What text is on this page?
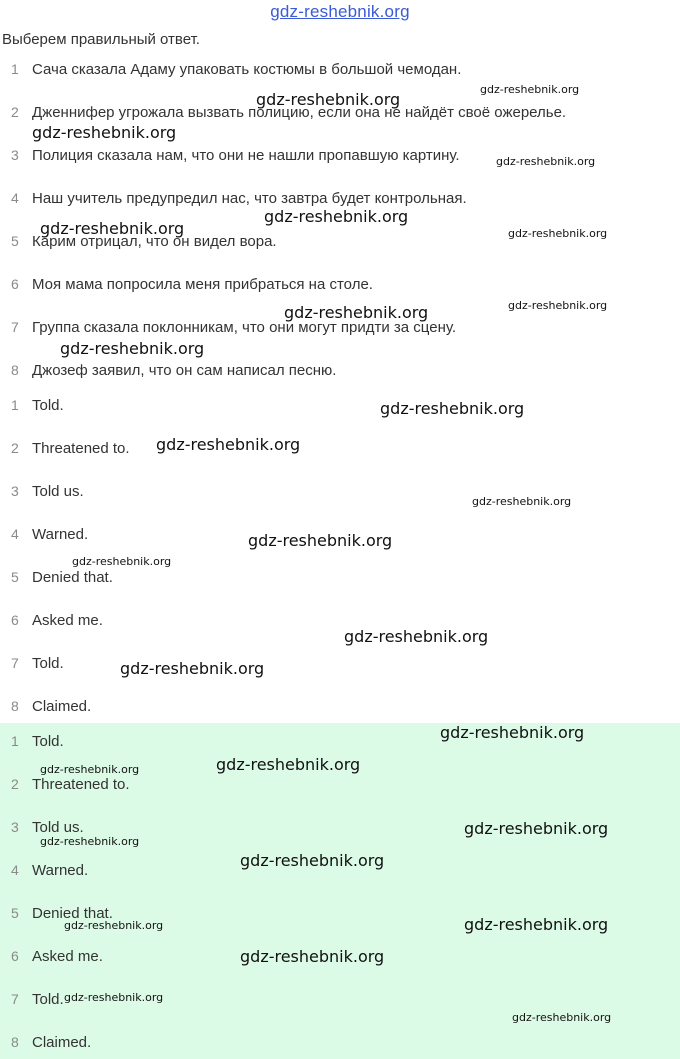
gdz-reshebnik.org
Выберем правильный ответ.
1 Сача сказала Адаму упаковать костюмы в большой чемодан.
2 Дженнифер угрожала вызвать полицию, если она не найдёт своё ожерелье.
3 Полиция сказала нам, что они не нашли пропавшую картину.
4 Наш учитель предупредил нас, что завтра будет контрольная.
5 Карим отрицал, что он видел вора.
6 Моя мама попросила меня прибраться на столе.
7 Группа сказала поклонникам, что они могут придти за сцену.
8 Джозеф заявил, что он сам написал песню.
1 Told.
2 Threatened to.
3 Told us.
4 Warned.
5 Denied that.
6 Asked me.
7 Told.
8 Claimed.
1 Told.
2 Threatened to.
3 Told us.
4 Warned.
5 Denied that.
6 Asked me.
7 Told.
8 Claimed.
gdz-reshebnik.org
gdz-reshebnik.org
gdz-reshebnik.org
gdz-reshebnik.org
gdz-reshebnik.org
gdz-reshebnik.org	gdz-reshebnik.org
gdz-reshebnik.org	gdz-reshebnik.org
gdz-reshebnik.org
gdz-reshebnik.org
gdz-reshebnik.org
gdz-reshebnik.org
gdz-reshebnik.org
gdz-reshebnik.org
gdz-reshebnik.org
gdz-reshebnik.org
gdz-reshebnik.org
gdz-reshebnik.org
gdz-reshebnik.org
gdz-reshebnik.org
gdz-reshebnik.org
gdz-reshebnik.org
gdz-reshebnik.org
gdz-reshebnik.org
gdz-reshebnik.org
gdz-reshebnik.org
gdz-reshebnik.org
